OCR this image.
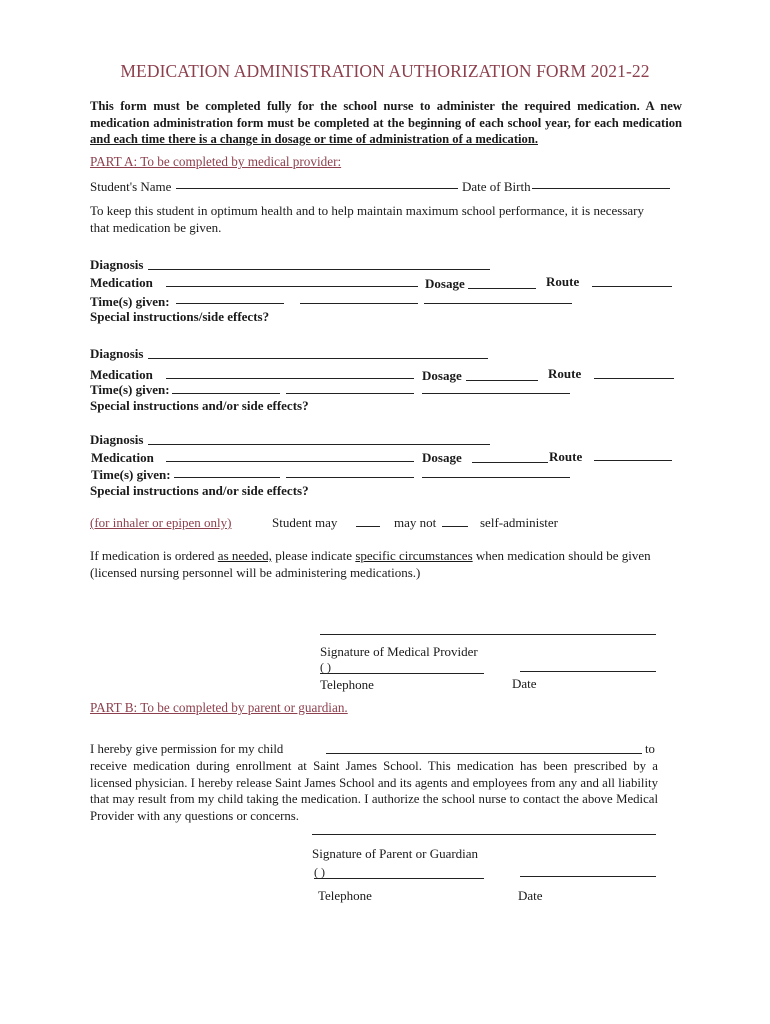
MEDICATION ADMINISTRATION AUTHORIZATION FORM 2021-22
This form must be completed fully for the school nurse to administer the required medication. A new medication administration form must be completed at the beginning of each school year, for each medication and each time there is a change in dosage or time of administration of a medication.
PART A: To be completed by medical provider:
Student's Name	Date of Birth
To keep this student in optimum health and to help maintain maximum school performance, it is necessary that medication be given.
Diagnosis
Medication	Dosage	Route
Time(s) given:
Special instructions/side effects?
Diagnosis
Medication	Dosage	Route
Time(s) given:
Special instructions and/or side effects?
Diagnosis
Medication	Dosage	Route
Time(s) given:
Special instructions and/or side effects?
(for inhaler or epipen only)	Student may	may not	self-administer
If medication is ordered as needed, please indicate specific circumstances when medication should be given (licensed nursing personnel will be administering medications.)
Signature of Medical Provider
( )
Telephone	Date
PART B: To be completed by parent or guardian.
I hereby give permission for my child	to
receive medication during enrollment at Saint James School. This medication has been prescribed by a licensed physician. I hereby release Saint James School and its agents and employees from any and all liability that may result from my child taking the medication. I authorize the school nurse to contact the above Medical Provider with any questions or concerns.
Signature of Parent or Guardian
( )
Telephone	Date
